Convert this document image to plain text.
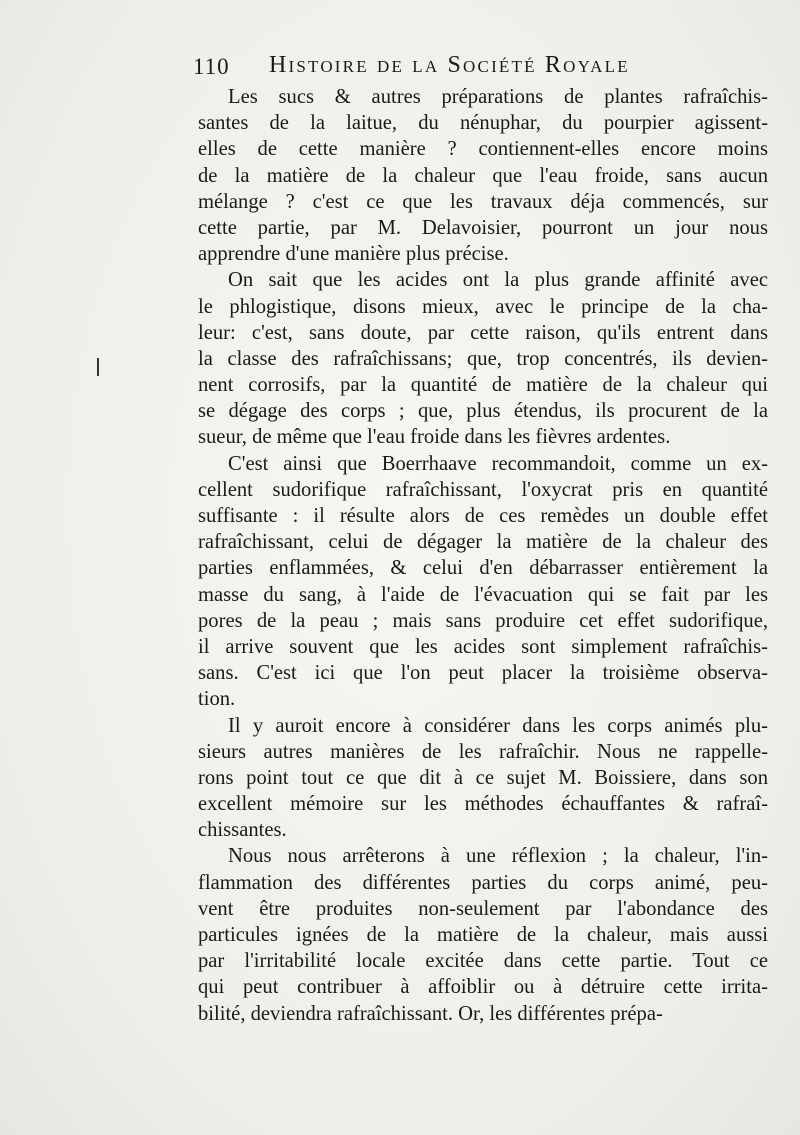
110 Histoire de la Société Royale
Les sucs & autres préparations de plantes rafraîchis-
santes de la laitue, du nénuphar, du pourpier agissent-
elles de cette manière ? contiennent-elles encore moins
de la matière de la chaleur que l'eau froide, sans aucun
mélange ? c'est ce que les travaux déja commencés, sur
cette partie, par M. Delavoisier, pourront un jour nous
apprendre d'une manière plus précise.
On sait que les acides ont la plus grande affinité avec
le phlogistique, disons mieux, avec le principe de la cha-
leur: c'est, sans doute, par cette raison, qu'ils entrent dans
la classe des rafraîchissans; que, trop concentrés, ils devien-
nent corrosifs, par la quantité de matière de la chaleur qui
se dégage des corps ; que, plus étendus, ils procurent de la
sueur, de même que l'eau froide dans les fièvres ardentes.
C'est ainsi que Boerrhaave recommandoit, comme un ex-
cellent sudorifique rafraîchissant, l'oxycrat pris en quantité
suffisante : il résulte alors de ces remèdes un double effet
rafraîchissant, celui de dégager la matière de la chaleur des
parties enflammées, & celui d'en débarrasser entièrement la
masse du sang, à l'aide de l'évacuation qui se fait par les
pores de la peau ; mais sans produire cet effet sudorifique,
il arrive souvent que les acides sont simplement rafraîchis-
sans. C'est ici que l'on peut placer la troisième observa-
tion.
Il y auroit encore à considérer dans les corps animés plu-
sieurs autres manières de les rafraîchir. Nous ne rappelle-
rons point tout ce que dit à ce sujet M. Boissiere, dans son
excellent mémoire sur les méthodes échauffantes & rafraî-
chissantes.
Nous nous arrêterons à une réflexion ; la chaleur, l'in-
flammation des différentes parties du corps animé, peu-
vent être produites non-seulement par l'abondance des
particules ignées de la matière de la chaleur, mais aussi
par l'irritabilité locale excitée dans cette partie. Tout ce
qui peut contribuer à affoiblir ou à détruire cette irrita-
bilité, deviendra rafraîchissant. Or, les différentes prépa-
